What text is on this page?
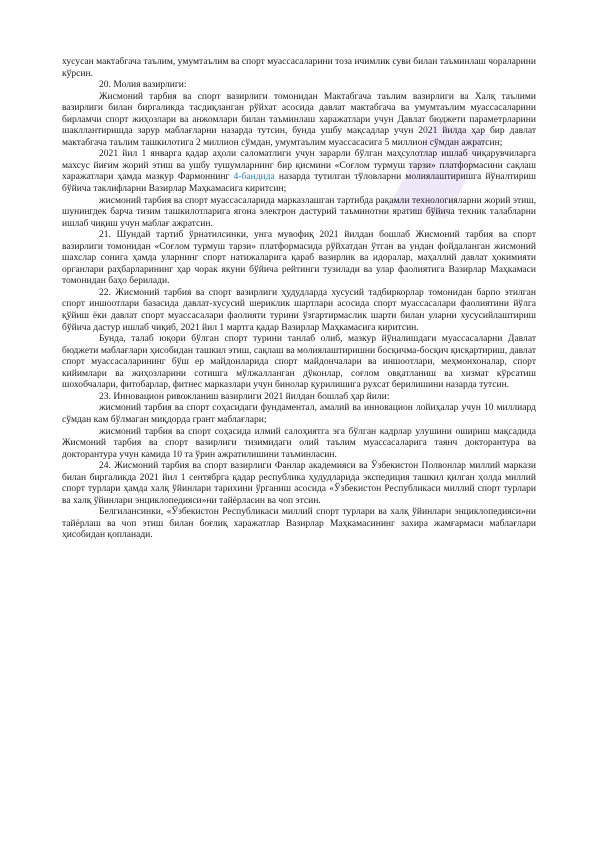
хусусан мактабгача таълим, умумтаълим ва спорт муассасаларини тоза ичимлик суви билан таъминлаш чораларини кўрсин.

20. Молия вазирлиги:

Жисмоний тарбия ва спорт вазирлиги томонидан Мактабгача таълим вазирлиги ва Халқ таълими вазирлиги билан биргаликда тасдиқланган рўйхат асосида давлат мактабгача ва умумтаълим муассасаларини бирламчи спорт жиҳозлари ва анжомлари билан таъминлаш харажатлари учун Давлат бюджети параметрларини шакллантиришда зарур маблағларни назарда тутсин, бунда ушбу мақсадлар учун 2021 йилда ҳар бир давлат мактабгача таълим ташкилотига 2 миллион сўмдан, умумтаълим муассасасига 5 миллион сўмдан ажратсин;

2021 йил 1 январга қадар аҳоли саломатлиги учун зарарли бўлган маҳсулотлар ишлаб чиқарувчиларга махсус йиғим жорий этиш ва ушбу тушумларнинг бир қисмини «Соғлом турмуш тарзи» платформасини сақлаш харажатлари ҳамда мазкур Фармоннинг 4-бандида назарда тутилган тўловларни молиялаштиришга йўналтириш бўйича таклифларни Вазирлар Маҳкамасига киритсин;

жисмоний тарбия ва спорт муассасаларида марказлашган тартибда рақамли технологияларни жорий этиш, шунингдек барча тизим ташкилотларига ягона электрон дастурий таъминотни яратиш бўйича техник талабларни ишлаб чиқиш учун маблағ ажратсин.

21. Шундай тартиб ўрнатилсинки, унга мувофиқ 2021 йилдан бошлаб Жисмоний тарбия ва спорт вазирлиги томонидан «Соғлом турмуш тарзи» платформасида рўйхатдан ўтган ва ундан фойдаланган жисмоний шахслар сонига ҳамда уларнинг спорт натижаларига қараб вазирлик ва идоралар, маҳаллий давлат ҳокимияти органлари раҳбарларининг ҳар чорак якуни бўйича рейтинги тузилади ва улар фаолиятига Вазирлар Маҳкамаси томонидан баҳо берилади.

22. Жисмоний тарбия ва спорт вазирлиги ҳудудларда хусусий тадбиркорлар томонидан барпо этилган спорт иншоотлари базасида давлат-хусусий шериклик шартлари асосида спорт муассасалари фаолиятини йўлга қўйиш ёки давлат спорт муассасалари фаолияти турини ўзгартирмаслик шарти билан уларни хусусийлаштириш бўйича дастур ишлаб чиқиб, 2021 йил 1 мартга қадар Вазирлар Маҳкамасига киритсин.

Бунда, талаб юқори бўлган спорт турини танлаб олиб, мазкур йўналишдаги муассасаларни Давлат бюджети маблағлари ҳисобидан ташкил этиш, сақлаш ва молиялаштиришни босқичма-босқич қисқартириш, давлат спорт муассасаларининг бўш ер майдонларида спорт майдончалари ва иншоотлари, меҳмонхоналар, спорт кийимлари ва жиҳозларини сотишга мўлжалланган дўконлар, соғлом овқатланиш ва хизмат кўрсатиш шохобчалари, фитобарлар, фитнес марказлари учун бинолар қурилишига рухсат берилишини назарда тутсин.

23. Инновацион ривожланиш вазирлиги 2021 йилдан бошлаб ҳар йили:

жисмоний тарбия ва спорт соҳасидаги фундаментал, амалий ва инновацион лойиҳалар учун 10 миллиард сўмдан кам бўлмаган миқдорда грант маблағлари;

жисмоний тарбия ва спорт соҳасида илмий салоҳиятга эга бўлган кадрлар улушини ошириш мақсадида Жисмоний тарбия ва спорт вазирлиги тизимидаги олий таълим муассасаларига таянч докторантура ва докторантура учун камида 10 та ўрин ажратилишини таъминласин.

24. Жисмоний тарбия ва спорт вазирлиги Фанлар академияси ва Ўзбекистон Полвонлар миллий маркази билан биргаликда 2021 йил 1 сентябрга қадар республика ҳудудларида экспедиция ташкил қилган ҳолда миллий спорт турлари ҳамда халқ ўйинлари тарихини ўрганиш асосида «Ўзбекистон Республикаси миллий спорт турлари ва халқ ўйинлари энциклопедияси»ни тайёрласин ва чоп этсин.

Белгилансинки, «Ўзбекистон Республикаси миллий спорт турлари ва халқ ўйинлари энциклопедияси»ни тайёрлаш ва чоп этиш билан боғлиқ харажатлар Вазирлар Маҳкамасининг захира жамғармаси маблағлари ҳисобидан қопланади.
